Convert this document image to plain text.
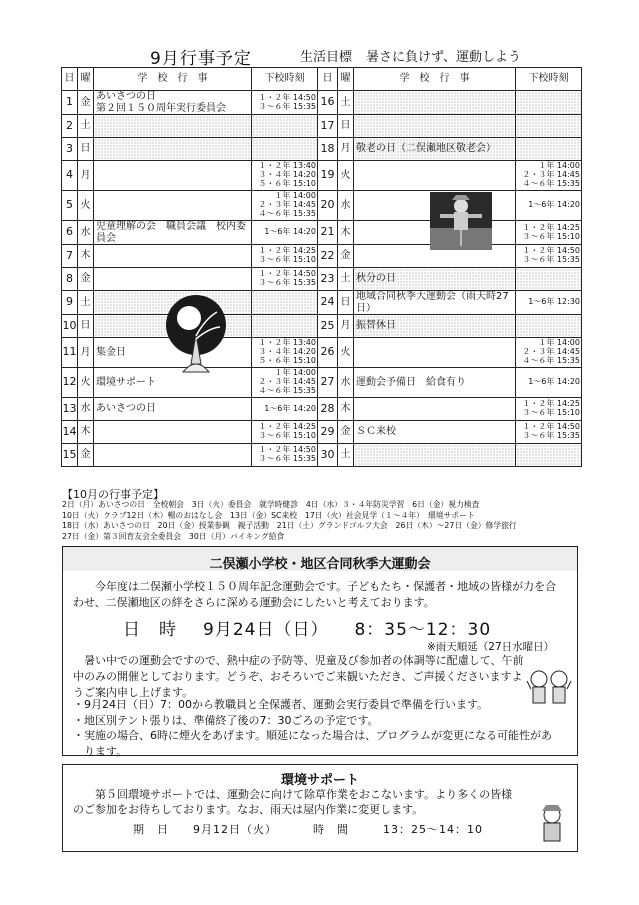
9月行事予定	生活目標 暑さに負けず、運動しよう
日	曜	学　校　行　事	下校時刻	日	曜	学　校　行　事	下校時刻
1	金	あいさつの日
第２回１５０周年実行委員会	１・２年 14:50
３～６年 15:35	16	土		
2	土			17	日		
3	日			18	月	敬老の日（二俣瀬地区敬老会）	
4	月		１・２年 13:40
３・４年 14:20
５・６年 15:10	19	火		１年 14:00
２・３年 14:45
４～６年 15:35
5	火		１年 14:00
２・３年 14:45
４～６年 15:35	20	水		1～6年 14:20
6	水	児童理解の会　職員会議　校内委員会	1～6年 14:20	21	木		１・２年 14:25
３～６年 15:10
7	木		１・２年 14:25
３～６年 15:10	22	金		１・２年 14:50
３～６年 15:35
8	金		１・２年 14:50
３～６年 15:35	23	土	秋分の日	
9	土			24	日	地域合同秋季大運動会（雨天時27日）	1～6年 12:30
10	日			25	月	振替休日	
11	月	集金日	１・２年 13:40
３・４年 14:20
５・６年 15:10	26	火		１年 14:00
２・３年 14:45
４～６年 15:35
12	火	環境サポート	１年 14:00
２・３年 14:45
４～６年 15:35	27	水	運動会予備日　給食有り	1～6年 14:20
13	水	あいさつの日	1～6年 14:20	28	木		１・２年 14:25
３～６年 15:10
14	木		１・２年 14:25
３～６年 15:10	29	金	ＳＣ来校	１・２年 14:50
３～６年 15:35
15	金		１・２年 14:50
３～６年 15:35	30	土		
【10月の行事予定】
2日（月）あいさつの日　全校朝会　3日（火）委員会　就学時健診　4日（水）３・４年防災学習　6日（金）視力検査
10日（火）クラブ12日（木）暢のおはなし会　13日（金）SC来校　17日（火）社会見学（１～４年）　環境サポート
18日（水）あいさつの日　20日（金）授業参観　親子活動　21日（土）グランドゴルフ大会　26日（木）～27日（金）修学旅行
27日（金）第３回育友会全委員会　30日（月）バイキング給食
二俣瀬小学校・地区合同秋季大運動会
今年度は二俣瀬小学校１５０周年記念運動会です。子どもたち・保護者・地域の皆様が力を合わせ、二俣瀬地区の絆をさらに深める運動会にしたいと考えております。
日　時 9月24日（日） 8：35～12：30
※雨天順延（27日水曜日）
暑い中での運動会ですので、熱中症の予防等、児童及び参加者の体調等に配慮して、午前中のみの開催としております。どうぞ、おそろいでご来観いただき、ご声援くださいますようご案内申し上げます。
・9月24日（日）7：00から教職員と全保護者、運動会実行委員で準備を行います。
・地区別テント張りは、準備終了後の7：30ごろの予定です。
・実施の場合、6時に煙火をあげます。順延になった場合は、プログラムが変更になる可能性があります。
環境サポート
第５回環境サポートでは、運動会に向けて除草作業をおこないます。より多くの皆様のご参加をお待ちしております。なお、雨天は屋内作業に変更します。
期　日 9月12日（火）	時　間	13：25～14：10
